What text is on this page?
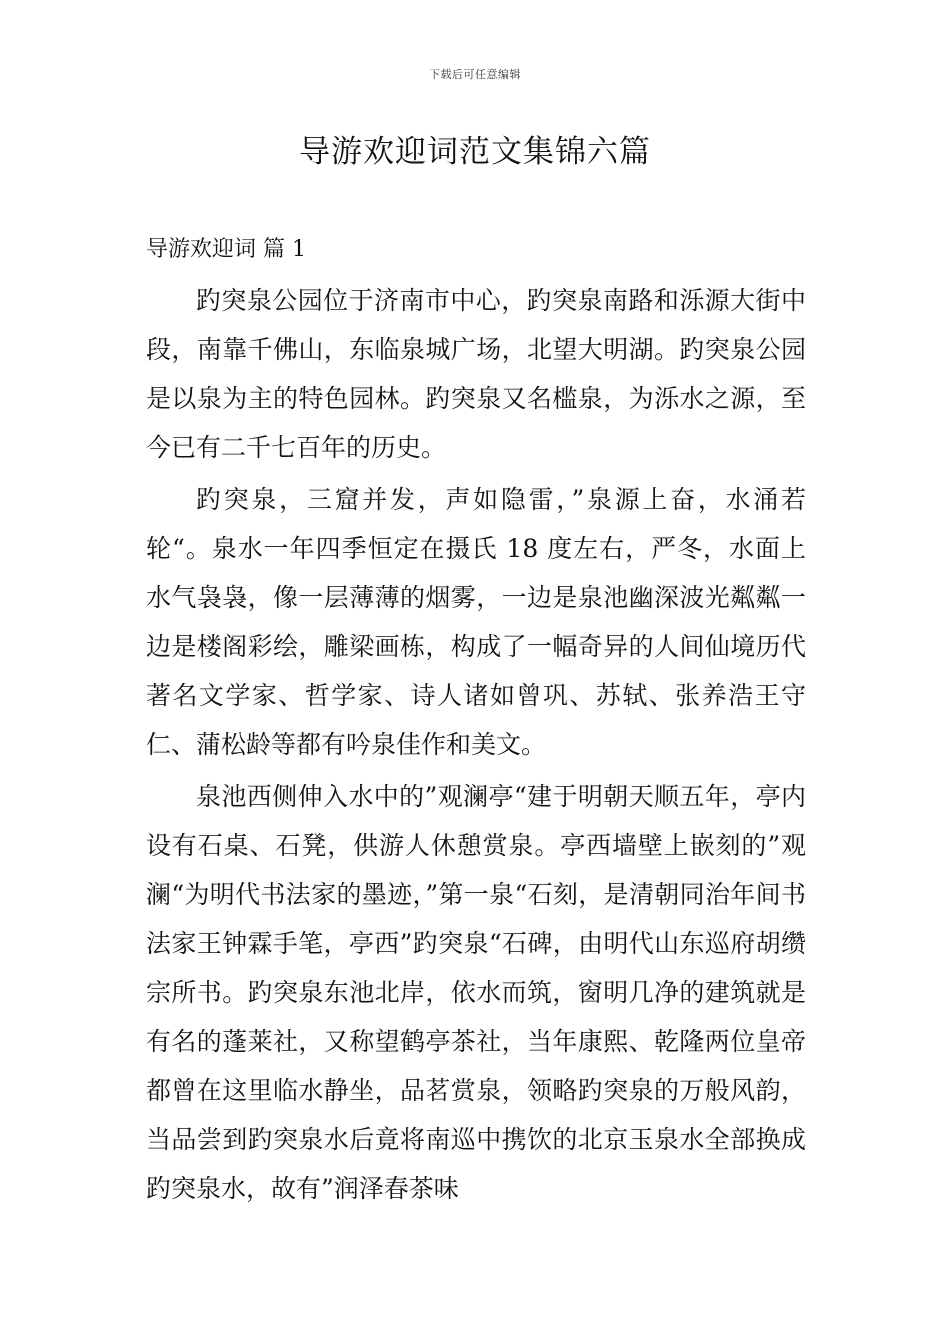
下载后可任意编辑
导游欢迎词范文集锦六篇
导游欢迎词 篇 1

趵突泉公园位于济南市中心，趵突泉南路和泺源大街中段，南靠千佛山，东临泉城广场，北望大明湖。趵突泉公园是以泉为主的特色园林。趵突泉又名槛泉，为泺水之源，至今已有二千七百年的历史。

趵突泉，三窟并发，声如隐雷，”泉源上奋，水涌若轮“。泉水一年四季恒定在摄氏 18 度左右，严冬，水面上水气袅袅，像一层薄薄的烟雾，一边是泉池幽深波光粼粼一边是楼阁彩绘，雕梁画栋，构成了一幅奇异的人间仙境历代著名文学家、哲学家、诗人诸如曾巩、苏轼、张养浩王守仁、蒲松龄等都有吟泉佳作和美文。

泉池西侧伸入水中的”观澜亭“建于明朝天顺五年，亭内设有石桌、石凳，供游人休憩赏泉。亭西墙壁上嵌刻的”观澜“为明代书法家的墨迹，”第一泉“石刻，是清朝同治年间书法家王钟霖手笔，亭西”趵突泉“石碑，由明代山东巡府胡缵宗所书。趵突泉东池北岸，依水而筑，窗明几净的建筑就是有名的蓬莱社，又称望鹤亭茶社，当年康熙、乾隆两位皇帝都曾在这里临水静坐，品茗赏泉，领略趵突泉的万般风韵，当品尝到趵突泉水后竟将南巡中携饮的北京玉泉水全部换成趵突泉水，故有”润泽春茶味
